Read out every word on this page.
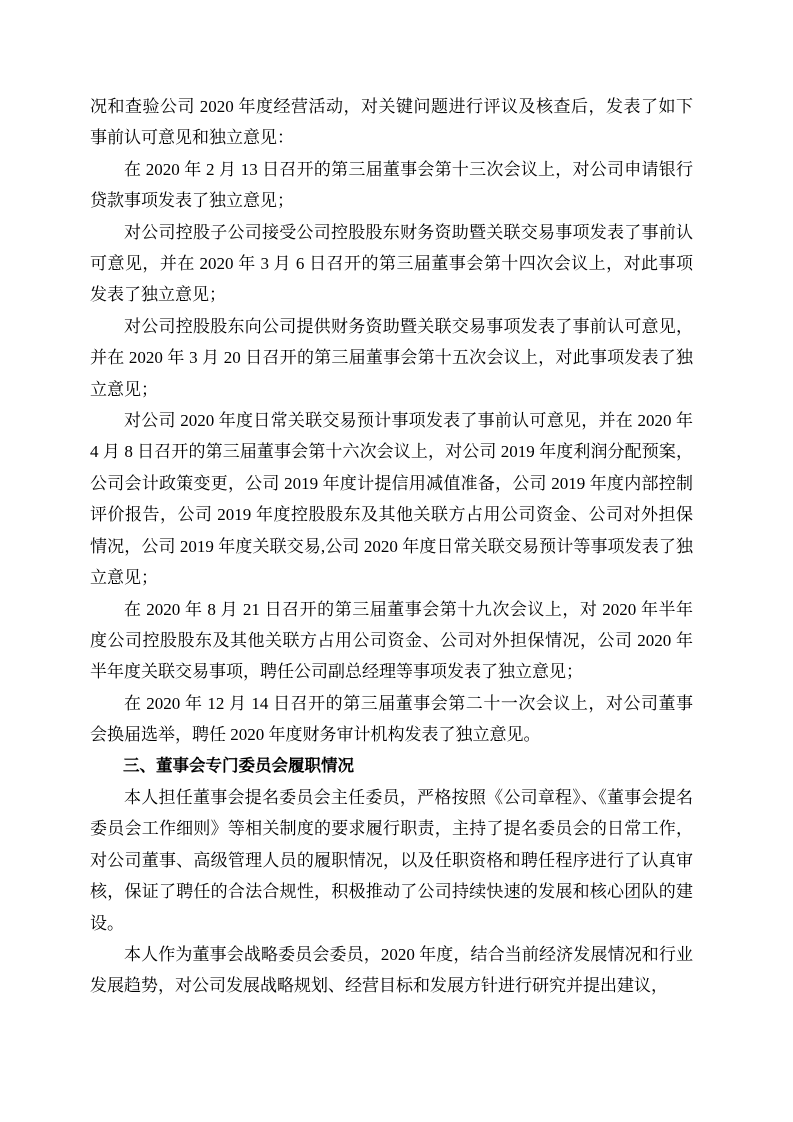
况和查验公司 2020 年度经营活动，对关键问题进行评议及核查后，发表了如下事前认可意见和独立意见：

在 2020 年 2 月 13 日召开的第三届董事会第十三次会议上，对公司申请银行贷款事项发表了独立意见；

对公司控股子公司接受公司控股股东财务资助暨关联交易事项发表了事前认可意见，并在 2020 年 3 月 6 日召开的第三届董事会第十四次会议上，对此事项发表了独立意见；

对公司控股股东向公司提供财务资助暨关联交易事项发表了事前认可意见，并在 2020 年 3 月 20 日召开的第三届董事会第十五次会议上，对此事项发表了独立意见；

对公司 2020 年度日常关联交易预计事项发表了事前认可意见，并在 2020 年 4 月 8 日召开的第三届董事会第十六次会议上，对公司 2019 年度利润分配预案，公司会计政策变更，公司 2019 年度计提信用减值准备，公司 2019 年度内部控制评价报告，公司 2019 年度控股股东及其他关联方占用公司资金、公司对外担保情况，公司 2019 年度关联交易,公司 2020 年度日常关联交易预计等事项发表了独立意见；

在 2020 年 8 月 21 日召开的第三届董事会第十九次会议上，对 2020 年半年度公司控股股东及其他关联方占用公司资金、公司对外担保情况，公司 2020 年半年度关联交易事项，聘任公司副总经理等事项发表了独立意见；

在 2020 年 12 月 14 日召开的第三届董事会第二十一次会议上，对公司董事会换届选举，聘任 2020 年度财务审计机构发表了独立意见。

三、董事会专门委员会履职情况

本人担任董事会提名委员会主任委员，严格按照《公司章程》、《董事会提名委员会工作细则》等相关制度的要求履行职责，主持了提名委员会的日常工作，对公司董事、高级管理人员的履职情况，以及任职资格和聘任程序进行了认真审核，保证了聘任的合法合规性，积极推动了公司持续快速的发展和核心团队的建设。

本人作为董事会战略委员会委员，2020 年度，结合当前经济发展情况和行业发展趋势，对公司发展战略规划、经营目标和发展方针进行研究并提出建议，
